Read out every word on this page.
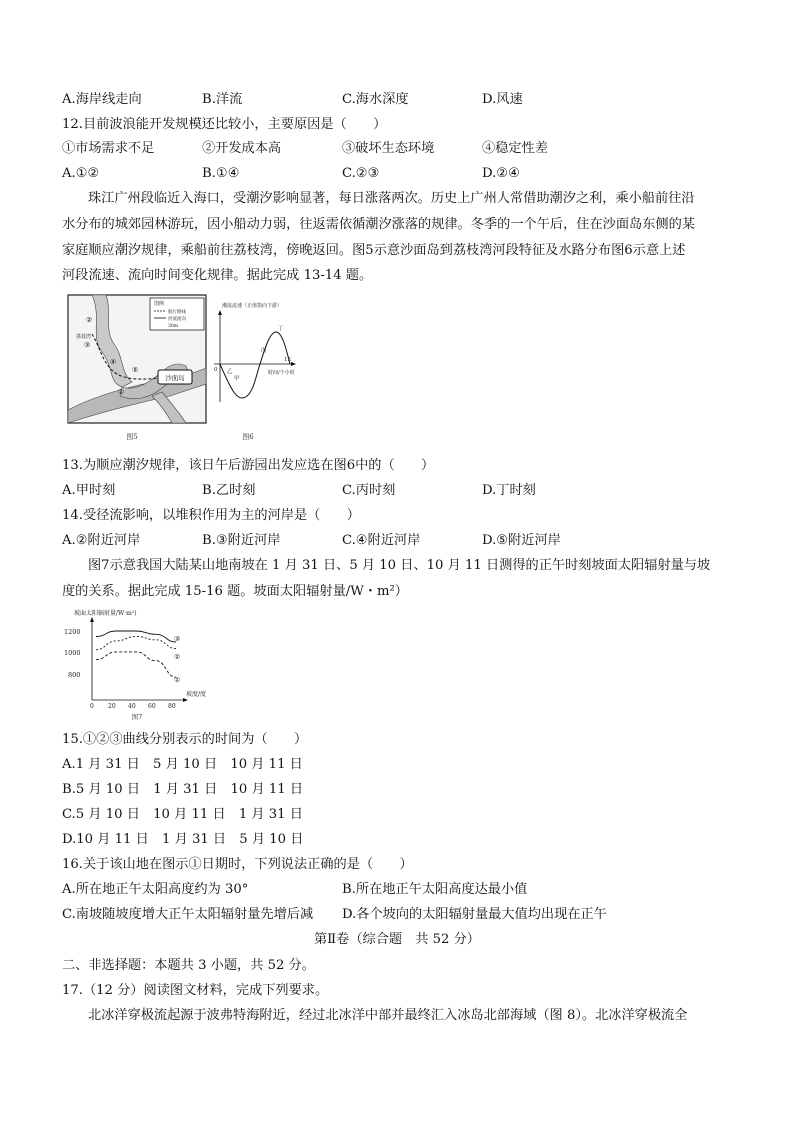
A.海岸线走向	B.洋流	C.海水深度	D.风速
12.目前波浪能开发规模还比较小，主要原因是（　　）
①市场需求不足	②开发成本高	③破坏生态环境	④稳定性差
A.①②	B.①④	C.②③	D.②④
珠江广州段临近入海口，受潮汐影响显著，每日涨落两次。历史上广州人常借助潮汐之利，乘小船前往沿
水分布的城郊园林游玩，因小船动力弱，往返需依循潮汐涨落的规律。冬季的一个午后，住在沙面岛东侧的某
家庭顺应潮汐规律，乘船前往荔枝湾，傍晚返回。图5示意沙面岛到荔枝湾河段特征及水路分布图6示意上述
河段流速、流向时间变化规律。据此完成 13-14 题。
沙面岛
②
③
④
①
⑤
荔枝湾
图例
航行路线
河流流向
30m
图5
潮流流速（正值指向下游）
时间/个小时
0
12
甲
乙
丙
丁
图6
13.为顺应潮汐规律，该日午后游园出发应选在图6中的（　　）
A.甲时刻	B.乙时刻	C.丙时刻	D.丁时刻
14.受径流影响，以堆积作用为主的河岸是（　　）
A.②附近河岸	B.③附近河岸	C.④附近河岸	D.⑤附近河岸
图7示意我国大陆某山地南坡在 1 月 31 日、5 月 10 日、10 月 11 日测得的正午时刻坡面太阳辐射量与坡
度的关系。据此完成 15-16 题。坡面太阳辐射量/W・m²）
坡面太阳辐射量/W·m²)
1200
1000
800
0 20 40 60 80
坡度/度
③
②
①
图7
15.①②③曲线分别表示的时间为（　　）
A.1 月 31 日　5 月 10 日　10 月 11 日
B.5 月 10 日　1 月 31 日　10 月 11 日
C.5 月 10 日　10 月 11 日　1 月 31 日
D.10 月 11 日　1 月 31 日　5 月 10 日
16.关于该山地在图示①日期时，下列说法正确的是（　　）
A.所在地正午太阳高度约为 30°	B.所在地正午太阳高度达最小值
C.南坡随坡度增大正午太阳辐射量先增后减 D.各个坡向的太阳辐射量最大值均出现在正午
第Ⅱ卷（综合题　共 52 分）
二、非选择题：本题共 3 小题，共 52 分。
17.（12 分）阅读图文材料，完成下列要求。
北冰洋穿极流起源于波弗特海附近，经过北冰洋中部并最终汇入冰岛北部海域（图 8）。北冰洋穿极流全
